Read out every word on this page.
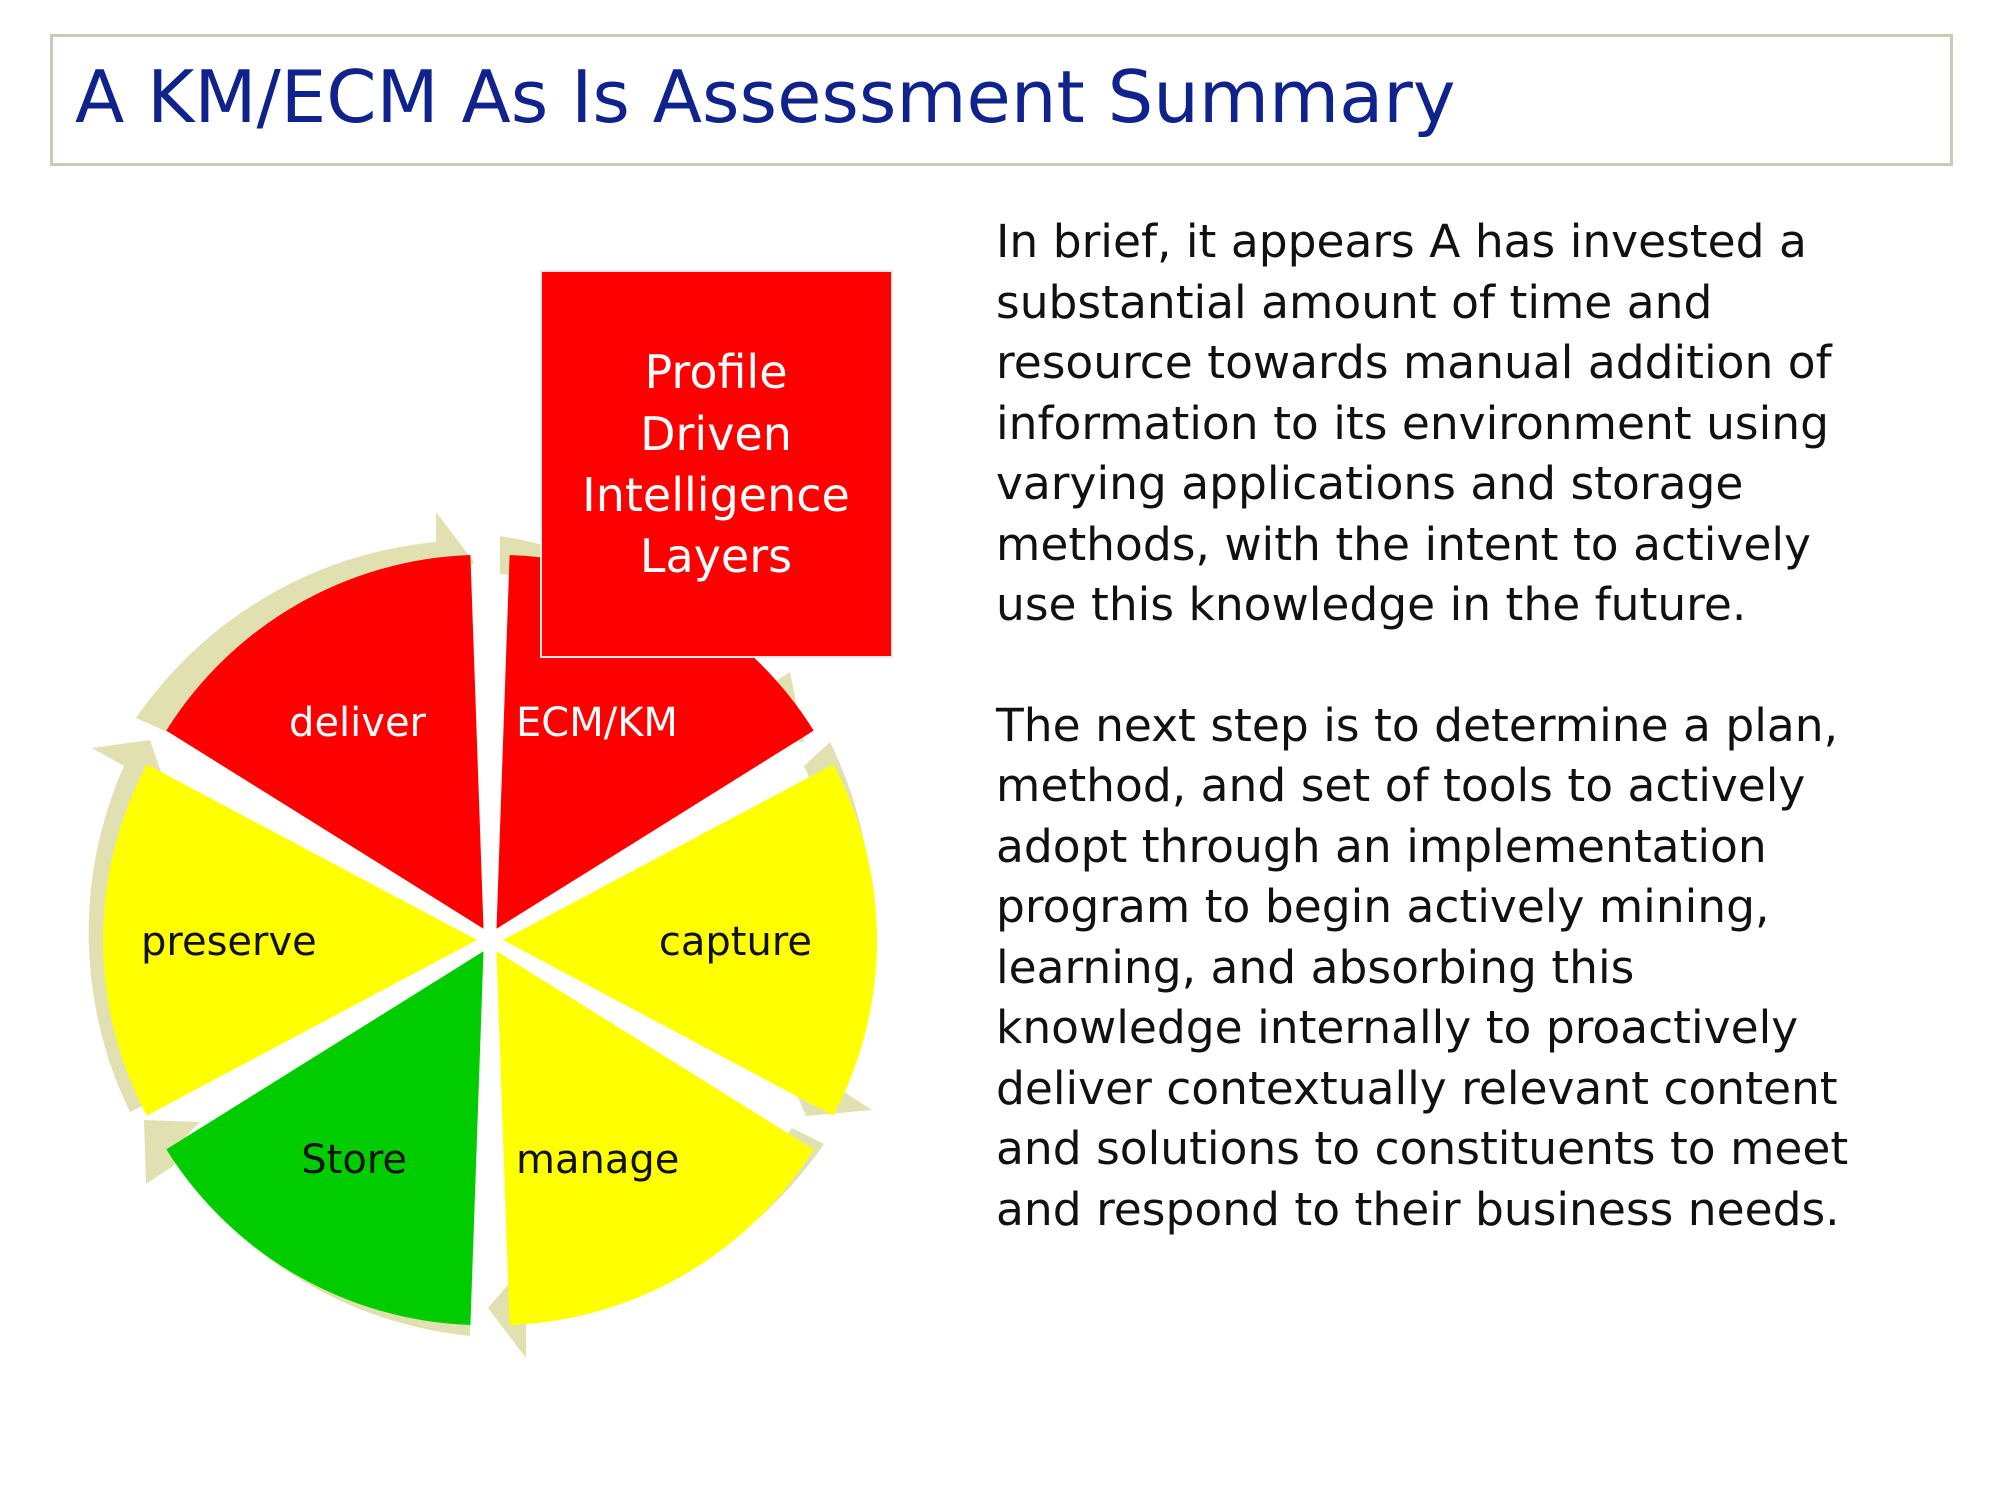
A KM/ECM As Is Assessment Summary
Profile
Driven
Intelligence
Layers
ECM/KM
capture
manage
Store
preserve
deliver

In brief, it appears A has invested a
substantial amount of time and
resource towards manual addition of
information to its environment using
varying applications and storage
methods, with the intent to actively
use this knowledge in the future.

The next step is to determine a plan,
method, and set of tools to actively
adopt through an implementation
program to begin actively mining,
learning, and absorbing this
knowledge internally to proactively
deliver contextually relevant content
and solutions to constituents to meet
and respond to their business needs.
